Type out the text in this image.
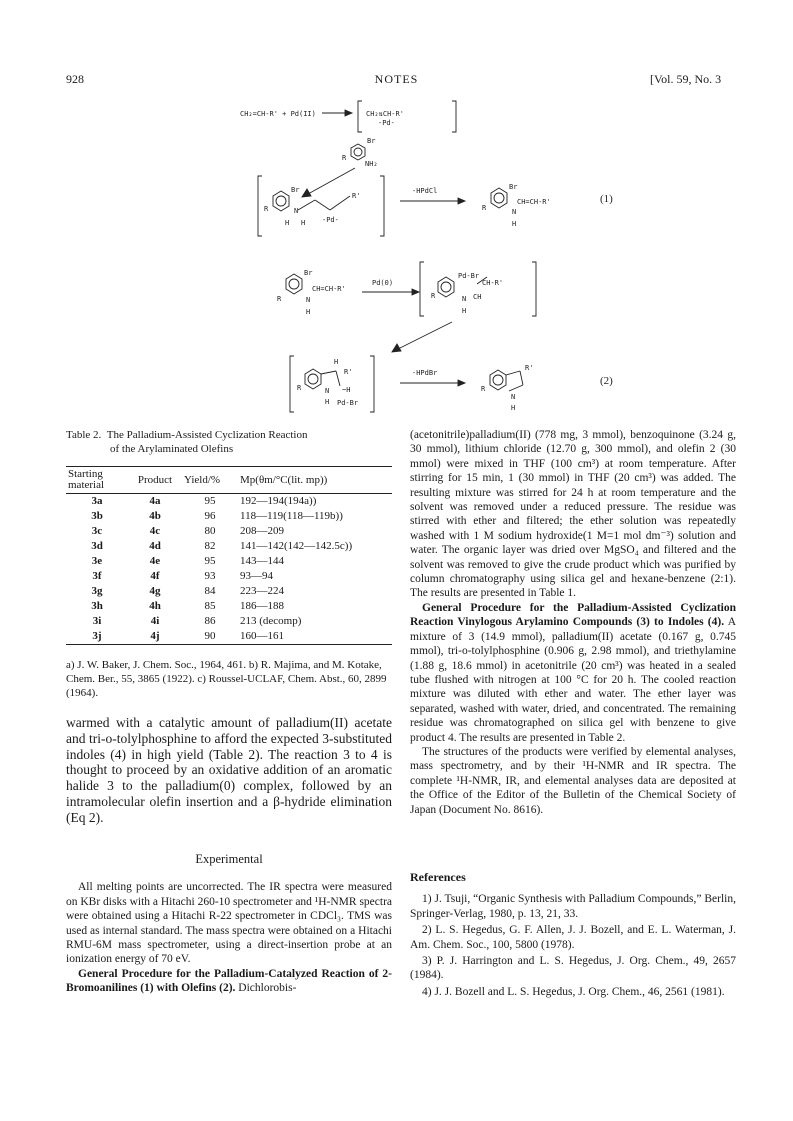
928	NOTES	[Vol. 59, No. 3
CH₂=CH-R' + Pd(II)	CH₂⇅CH-R'
-Pd-
Br
NH₂
R
Br
R	N
H H
R'
-Pd-
-HPdCl	Br
R	N
H
CH=CH-R'	(1)
Br
R	N
H
CH=CH-R'
Pd(0)
Pd-Br
CH-R'
R	N CH
H
H
R'
R	N ~H
H Pd-Br
-HPdBr
R'
R
N
H
(2)
Table 2. The Palladium-Assisted Cyclization Reaction
of the Arylaminated Olefins
Starting material	Product	Yield/%	Mp(θm/°C(lit. mp))
3a	4a	95	192—194(194a))
3b	4b	96	118—119(118—119b))
3c	4c	80	208—209
3d	4d	82	141—142(142—142.5c))
3e	4e	95	143—144
3f	4f	93	93—94
3g	4g	84	223—224
3h	4h	85	186—188
3i	4i	86	213 (decomp)
3j	4j	90	160—161
a) J. W. Baker, J. Chem. Soc., 1964, 461. b) R. Majima, and M. Kotake, Chem. Ber., 55, 3865 (1922). c) Roussel-UCLAF, Chem. Abst., 60, 2899 (1964).
warmed with a catalytic amount of palladium(II) acetate and tri-o-tolylphosphine to afford the expected 3-substituted indoles (4) in high yield (Table 2). The reaction 3 to 4 is thought to proceed by an oxidative addition of an aromatic halide 3 to the palladium(0) complex, followed by an intramolecular olefin insertion and a β-hydride elimination (Eq 2).
Experimental

All melting points are uncorrected. The IR spectra were measured on KBr disks with a Hitachi 260-10 spectrometer and ¹H-NMR spectra were obtained using a Hitachi R-22 spectrometer in CDCl₃. TMS was used as internal standard. The mass spectra were obtained on a Hitachi RMU-6M mass spectrometer, using a direct-insertion probe at an ionization energy of 70 eV.

General Procedure for the Palladium-Catalyzed Reaction of 2-Bromoanilines (1) with Olefins (2). Dichlorobis-

(acetonitrile)palladium(II) (778 mg, 3 mmol), benzoquinone (3.24 g, 30 mmol), lithium chloride (12.70 g, 300 mmol), and olefin 2 (30 mmol) were mixed in THF (100 cm³) at room temperature. After stirring for 15 min, 1 (30 mmol) in THF (20 cm³) was added. The resulting mixture was stirred for 24 h at room temperature and the solvent was removed under a reduced pressure. The residue was stirred with ether and filtered; the ether solution was repeatedly washed with 1 M sodium hydroxide(1 M=1 mol dm⁻³) solution and water. The organic layer was dried over MgSO₄ and filtered and the solvent was removed to give the crude product which was purified by column chromatography using silica gel and hexane-benzene (2:1). The results are presented in Table 1.

General Procedure for the Palladium-Assisted Cyclization Reaction Vinylogous Arylamino Compounds (3) to Indoles (4). A mixture of 3 (14.9 mmol), palladium(II) acetate (0.167 g, 0.745 mmol), tri-o-tolylphosphine (0.906 g, 2.98 mmol), and triethylamine (1.88 g, 18.6 mmol) in acetonitrile (20 cm³) was heated in a sealed tube flushed with nitrogen at 100 °C for 20 h. The cooled reaction mixture was diluted with ether and water. The ether layer was separated, washed with water, dried, and concentrated. The remaining residue was chromatographed on silica gel with benzene to give product 4. The results are presented in Table 2.

The structures of the products were verified by elemental analyses, mass spectrometry, and by their ¹H-NMR and IR spectra. The complete ¹H-NMR, IR, and elemental analyses data are deposited at the Office of the Editor of the Bulletin of the Chemical Society of Japan (Document No. 8616).

References

1) J. Tsuji, “Organic Synthesis with Palladium Compounds,” Berlin, Springer-Verlag, 1980, p. 13, 21, 33.

2) L. S. Hegedus, G. F. Allen, J. J. Bozell, and E. L. Waterman, J. Am. Chem. Soc., 100, 5800 (1978).

3) P. J. Harrington and L. S. Hegedus, J. Org. Chem., 49, 2657 (1984).

4) J. J. Bozell and L. S. Hegedus, J. Org. Chem., 46, 2561 (1981).
